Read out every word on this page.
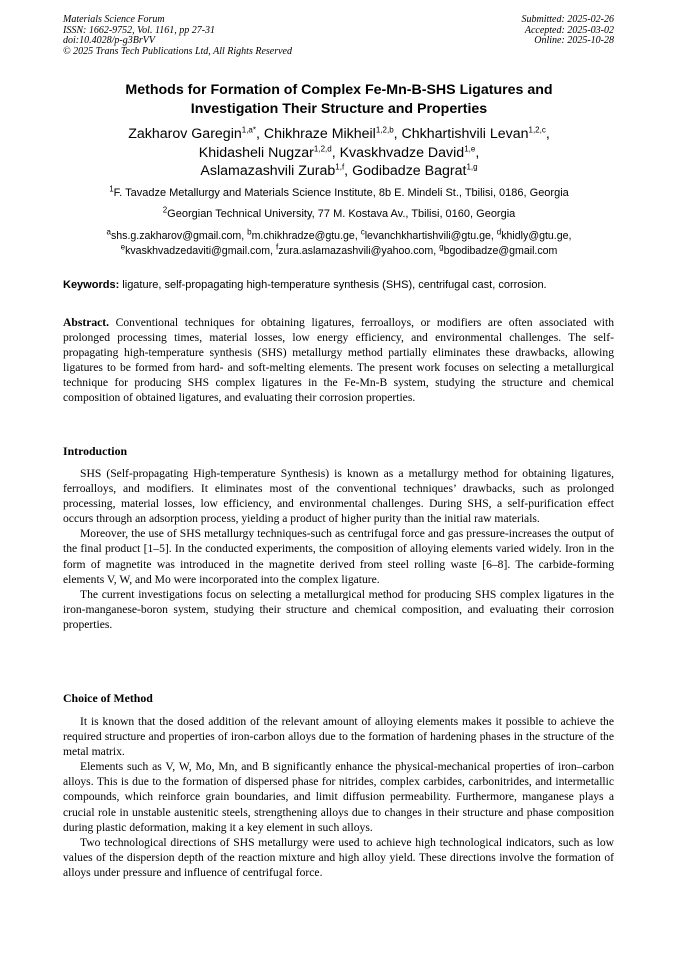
Materials Science Forum
ISSN: 1662-9752, Vol. 1161, pp 27-31
doi:10.4028/p-g3BrVV
© 2025 Trans Tech Publications Ltd, All Rights Reserved
Submitted: 2025-02-26
Accepted: 2025-03-02
Online: 2025-10-28
Methods for Formation of Complex Fe-Mn-B-SHS Ligatures and
Investigation Their Structure and Properties
Zakharov Garegin$^{1,a*}$, Chikhraze Mikheil$^{1,2,b}$, Chkhartishvili Levan$^{1,2,c}$,
Khidasheli Nugzar$^{1,2,d}$, Kvaskhvadze David$^{1,e}$,
Aslamazashvili Zurab$^{1,f}$, Godibadze Bagrat$^{1,g}$
$^1$F. Tavadze Metallurgy and Materials Science Institute, 8b E. Mindeli St., Tbilisi, 0186, Georgia
$^2$Georgian Technical University, 77 M. Kostava Av., Tbilisi, 0160, Georgia
$^a$shs.g.zakharov@gmail.com, $^b$m.chikhradze@gtu.ge, $^c$levanchkhartishvili@gtu.ge, $^d$khidly@gtu.ge,
$^e$kvaskhvadzedaviti@gmail.com, $^f$zura.aslamazashvili@yahoo.com, $^g$bgodibadze@gmail.com
Keywords: ligature, self-propagating high-temperature synthesis (SHS), centrifugal cast, corrosion.

Abstract. Conventional techniques for obtaining ligatures, ferroalloys, or modifiers are often associated with prolonged processing times, material losses, low energy efficiency, and environmental challenges. The self-propagating high-temperature synthesis (SHS) metallurgy method partially eliminates these drawbacks, allowing ligatures to be formed from hard- and soft-melting elements. The present work focuses on selecting a metallurgical technique for producing SHS complex ligatures in the Fe-Mn-B system, studying the structure and chemical composition of obtained ligatures, and evaluating their corrosion properties.

Introduction

SHS (Self-propagating High-temperature Synthesis) is known as a metallurgy method for obtaining ligatures, ferroalloys, and modifiers. It eliminates most of the conventional techniques’ drawbacks, such as prolonged processing, material losses, low efficiency, and environmental challenges. During SHS, a self-purification effect occurs through an adsorption process, yielding a product of higher purity than the initial raw materials.

Moreover, the use of SHS metallurgy techniques-such as centrifugal force and gas pressure-increases the output of the final product [1–5]. In the conducted experiments, the composition of alloying elements varied widely. Iron in the form of magnetite was introduced in the magnetite derived from steel rolling waste [6–8]. The carbide-forming elements V, W, and Mo were incorporated into the complex ligature.

The current investigations focus on selecting a metallurgical method for producing SHS complex ligatures in the iron-manganese-boron system, studying their structure and chemical composition, and evaluating their corrosion properties.

Choice of Method

It is known that the dosed addition of the relevant amount of alloying elements makes it possible to achieve the required structure and properties of iron-carbon alloys due to the formation of hardening phases in the structure of the metal matrix.

Elements such as V, W, Mo, Mn, and B significantly enhance the physical-mechanical properties of iron–carbon alloys. This is due to the formation of dispersed phase for nitrides, complex carbides, carbonitrides, and intermetallic compounds, which reinforce grain boundaries, and limit diffusion permeability. Furthermore, manganese plays a crucial role in unstable austenitic steels, strengthening alloys due to changes in their structure and phase composition during plastic deformation, making it a key element in such alloys.

Two technological directions of SHS metallurgy were used to achieve high technological indicators, such as low values of the dispersion depth of the reaction mixture and high alloy yield. These directions involve the formation of alloys under pressure and influence of centrifugal force.
